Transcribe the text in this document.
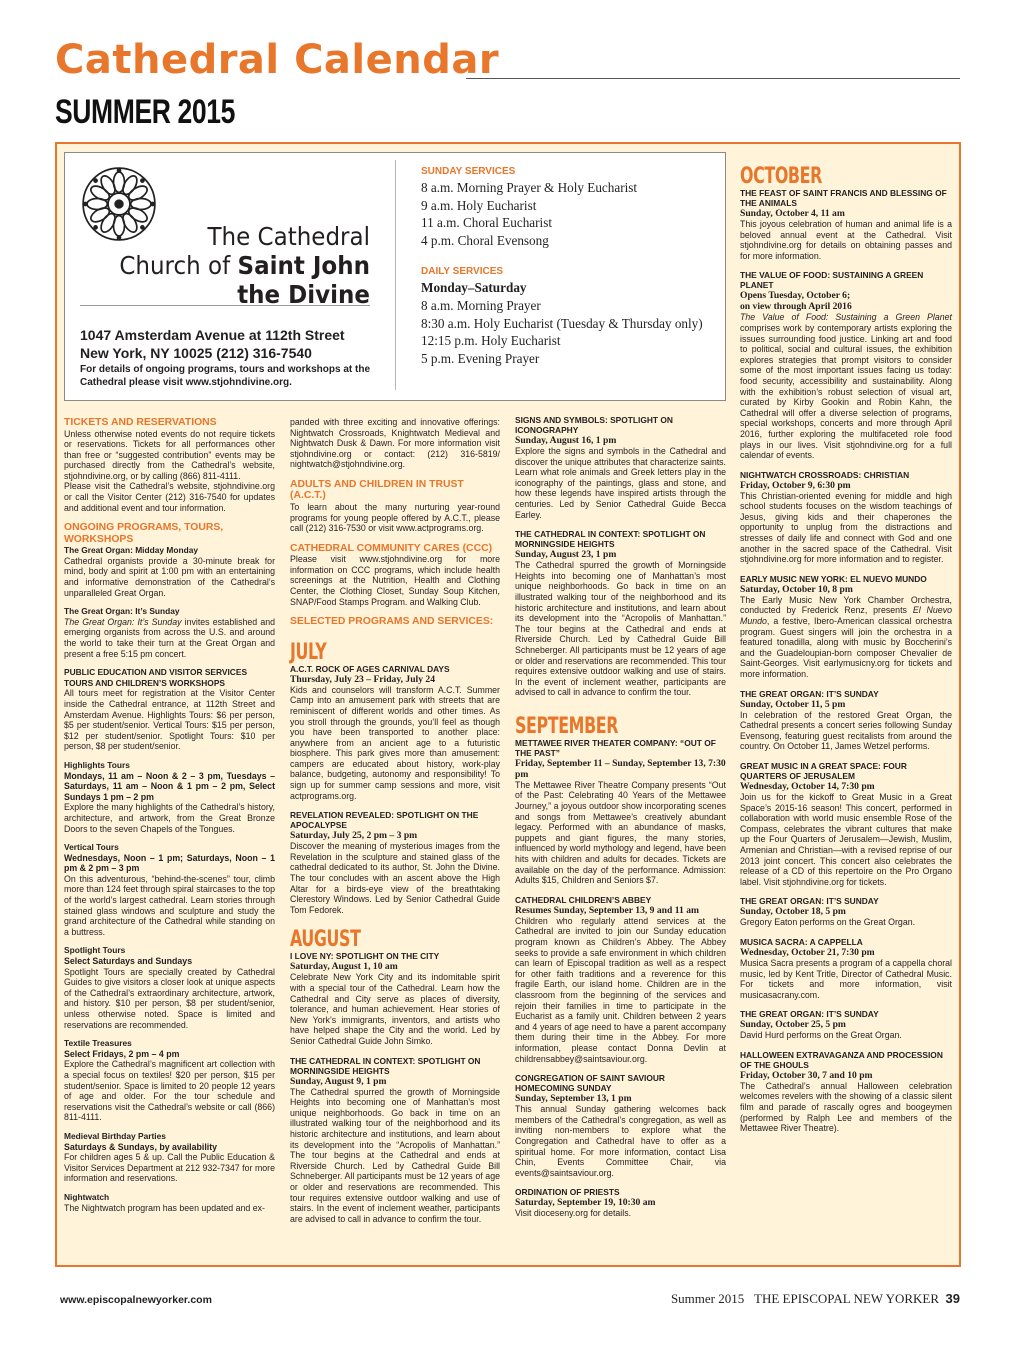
Cathedral Calendar
SUMMER 2015
The Cathedral
Church of Saint John
the Divine
1047 Amsterdam Avenue at 112th Street
New York, NY 10025 (212) 316-7540
For details of ongoing programs, tours and workshops at the Cathedral please visit www.stjohndivine.org.
SUNDAY SERVICES
8 a.m. Morning Prayer & Holy Eucharist
9 a.m. Holy Eucharist
11 a.m. Choral Eucharist
4 p.m. Choral Evensong
DAILY SERVICES
Monday–Saturday
8 a.m. Morning Prayer
8:30 a.m. Holy Eucharist (Tuesday & Thursday only)
12:15 p.m. Holy Eucharist
5 p.m. Evening Prayer
TICKETS AND RESERVATIONS
Unless otherwise noted events do not require tickets or reservations. Tickets for all performances other than free or “suggested contribution” events may be purchased directly from the Cathedral’s website, stjohndivine.org, or by calling (866) 811-4111.
Please visit the Cathedral’s website, stjohndivine.org or call the Visitor Center (212) 316-7540 for updates and additional event and tour information.
ONGOING PROGRAMS, TOURS, WORKSHOPS
The Great Organ: Midday Monday
Cathedral organists provide a 30-minute break for mind, body and spirit at 1:00 pm with an entertaining and informative demonstration of the Cathedral’s unparalleled Great Organ.
The Great Organ: It’s Sunday
The Great Organ: It’s Sunday invites established and emerging organists from across the U.S. and around the world to take their turn at the Great Organ and present a free 5:15 pm concert.
PUBLIC EDUCATION AND VISITOR SERVICES TOURS AND CHILDREN’S WORKSHOPS
All tours meet for registration at the Visitor Center inside the Cathedral entrance, at 112th Street and Amsterdam Avenue. Highlights Tours: $6 per person, $5 per student/senior. Vertical Tours: $15 per person, $12 per student/senior. Spotlight Tours: $10 per person, $8 per student/senior.
Highlights Tours
Mondays, 11 am – Noon & 2 – 3 pm, Tuesdays – Saturdays, 11 am – Noon & 1 pm – 2 pm, Select Sundays 1 pm – 2 pm
Explore the many highlights of the Cathedral’s history, architecture, and artwork, from the Great Bronze Doors to the seven Chapels of the Tongues.
Vertical Tours
Wednesdays, Noon – 1 pm; Saturdays, Noon – 1 pm & 2 pm – 3 pm
On this adventurous, “behind-the-scenes” tour, climb more than 124 feet through spiral staircases to the top of the world’s largest cathedral. Learn stories through stained glass windows and sculpture and study the grand architecture of the Cathedral while standing on a buttress.
Spotlight Tours
Select Saturdays and Sundays
Spotlight Tours are specially created by Cathedral Guides to give visitors a closer look at unique aspects of the Cathedral’s extraordinary architecture, artwork, and history. $10 per person, $8 per student/senior, unless otherwise noted. Space is limited and reservations are recommended.
Textile Treasures
Select Fridays, 2 pm – 4 pm
Explore the Cathedral’s magnificent art collection with a special focus on textiles! $20 per person, $15 per student/senior. Space is limited to 20 people 12 years of age and older. For the tour schedule and reservations visit the Cathedral’s website or call (866) 811-4111.
Medieval Birthday Parties
Saturdays & Sundays, by availability
For children ages 5 & up. Call the Public Education & Visitor Services Department at 212 932-7347 for more information and reservations.
Nightwatch
The Nightwatch program has been updated and ex-
panded with three exciting and innovative offerings: Nightwatch Crossroads, Knightwatch Medieval and Nightwatch Dusk & Dawn. For more information visit stjohndivine.org or contact: (212) 316-5819/ nightwatch@stjohndivine.org.
ADULTS AND CHILDREN IN TRUST (A.C.T.)
To learn about the many nurturing year-round programs for young people offered by A.C.T., please call (212) 316-7530 or visit www.actprograms.org.
CATHEDRAL COMMUNITY CARES (CCC)
Please visit www.stjohndivine.org for more information on CCC programs, which include health screenings at the Nutrition, Health and Clothing Center, the Clothing Closet, Sunday Soup Kitchen, SNAP/Food Stamps Program. and Walking Club.
SELECTED PROGRAMS AND SERVICES:
JULY
A.C.T. ROCK OF AGES CARNIVAL DAYS
Thursday, July 23 – Friday, July 24
Kids and counselors will transform A.C.T. Summer Camp into an amusement park with streets that are reminiscent of different worlds and other times. As you stroll through the grounds, you’ll feel as though you have been transported to another place: anywhere from an ancient age to a futuristic biosphere. This park gives more than amusement: campers are educated about history, work-play balance, budgeting, autonomy and responsibility! To sign up for summer camp sessions and more, visit actprograms.org.
REVELATION REVEALED: SPOTLIGHT ON THE APOCALYPSE
Saturday, July 25, 2 pm – 3 pm
Discover the meaning of mysterious images from the Revelation in the sculpture and stained glass of the cathedral dedicated to its author, St. John the Divine. The tour concludes with an ascent above the High Altar for a birds-eye view of the breathtaking Clerestory Windows. Led by Senior Cathedral Guide Tom Fedorek.
AUGUST
I LOVE NY: SPOTLIGHT ON THE CITY
Saturday, August 1, 10 am
Celebrate New York City and its indomitable spirit with a special tour of the Cathedral. Learn how the Cathedral and City serve as places of diversity, tolerance, and human achievement. Hear stories of New York’s immigrants, inventors, and artists who have helped shape the City and the world. Led by Senior Cathedral Guide John Simko.
THE CATHEDRAL IN CONTEXT: SPOTLIGHT ON MORNINGSIDE HEIGHTS
Sunday, August 9, 1 pm
The Cathedral spurred the growth of Morningside Heights into becoming one of Manhattan’s most unique neighborhoods. Go back in time on an illustrated walking tour of the neighborhood and its historic architecture and institutions, and learn about its development into the “Acropolis of Manhattan.” The tour begins at the Cathedral and ends at Riverside Church. Led by Cathedral Guide Bill Schneberger. All participants must be 12 years of age or older and reservations are recommended. This tour requires extensive outdoor walking and use of stairs. In the event of inclement weather, participants are advised to call in advance to confirm the tour.
SIGNS AND SYMBOLS: SPOTLIGHT ON ICONOGRAPHY
Sunday, August 16, 1 pm
Explore the signs and symbols in the Cathedral and discover the unique attributes that characterize saints. Learn what role animals and Greek letters play in the iconography of the paintings, glass and stone, and how these legends have inspired artists through the centuries. Led by Senior Cathedral Guide Becca Earley.
THE CATHEDRAL IN CONTEXT: SPOTLIGHT ON MORNINGSIDE HEIGHTS
Sunday, August 23, 1 pm
The Cathedral spurred the growth of Morningside Heights into becoming one of Manhattan’s most unique neighborhoods. Go back in time on an illustrated walking tour of the neighborhood and its historic architecture and institutions, and learn about its development into the “Acropolis of Manhattan.” The tour begins at the Cathedral and ends at Riverside Church. Led by Cathedral Guide Bill Schneberger. All participants must be 12 years of age or older and reservations are recommended. This tour requires extensive outdoor walking and use of stairs. In the event of inclement weather, participants are advised to call in advance to confirm the tour.
SEPTEMBER
METTAWEE RIVER THEATER COMPANY: “OUT OF THE PAST”
Friday, September 11 – Sunday, September 13, 7:30 pm
The Mettawee River Theatre Company presents “Out of the Past: Celebrating 40 Years of the Mettawee Journey,” a joyous outdoor show incorporating scenes and songs from Mettawee’s creatively abundant legacy. Performed with an abundance of masks, puppets and giant figures, the many stories, influenced by world mythology and legend, have been hits with children and adults for decades. Tickets are available on the day of the performance. Admission: Adults $15, Children and Seniors $7.
CATHEDRAL CHILDREN’S ABBEY
Resumes Sunday, September 13, 9 and 11 am
Children who regularly attend services at the Cathedral are invited to join our Sunday education program known as Children’s Abbey. The Abbey seeks to provide a safe environment in which children can learn of Episcopal tradition as well as a respect for other faith traditions and a reverence for this fragile Earth, our island home. Children are in the classroom from the beginning of the services and rejoin their families in time to participate in the Eucharist as a family unit. Children between 2 years and 4 years of age need to have a parent accompany them during their time in the Abbey. For more information, please contact Donna Devlin at childrensabbey@saintsaviour.org.
CONGREGATION OF SAINT SAVIOUR HOMECOMING SUNDAY
Sunday, September 13, 1 pm
This annual Sunday gathering welcomes back members of the Cathedral’s congregation, as well as inviting non-members to explore what the Congregation and Cathedral have to offer as a spiritual home. For more information, contact Lisa Chin, Events Committee Chair, via events@saintsaviour.org.
ORDINATION OF PRIESTS
Saturday, September 19, 10:30 am
Visit dioceseny.org for details.
OCTOBER
THE FEAST OF SAINT FRANCIS AND BLESSING OF THE ANIMALS
Sunday, October 4, 11 am
This joyous celebration of human and animal life is a beloved annual event at the Cathedral. Visit stjohndivine.org for details on obtaining passes and for more information.
THE VALUE OF FOOD: SUSTAINING A GREEN PLANET
Opens Tuesday, October 6;
on view through April 2016
The Value of Food: Sustaining a Green Planet comprises work by contemporary artists exploring the issues surrounding food justice. Linking art and food to political, social and cultural issues, the exhibition explores strategies that prompt visitors to consider some of the most important issues facing us today: food security, accessibility and sustainability. Along with the exhibition’s robust selection of visual art, curated by Kirby Gookin and Robin Kahn, the Cathedral will offer a diverse selection of programs, special workshops, concerts and more through April 2016, further exploring the multifaceted role food plays in our lives. Visit stjohndivine.org for a full calendar of events.
NIGHTWATCH CROSSROADS: CHRISTIAN
Friday, October 9, 6:30 pm
This Christian-oriented evening for middle and high school students focuses on the wisdom teachings of Jesus, giving kids and their chaperones the opportunity to unplug from the distractions and stresses of daily life and connect with God and one another in the sacred space of the Cathedral. Visit stjohndivine.org for more information and to register.
EARLY MUSIC NEW YORK: EL NUEVO MUNDO
Saturday, October 10, 8 pm
The Early Music New York Chamber Orchestra, conducted by Frederick Renz, presents El Nuevo Mundo, a festive, Ibero-American classical orchestra program. Guest singers will join the orchestra in a featured tonadilla, along with music by Boccherini’s and the Guadeloupian-born composer Chevalier de Saint-Georges. Visit earlymusicny.org for tickets and more information.
THE GREAT ORGAN: IT’S SUNDAY
Sunday, October 11, 5 pm
In celebration of the restored Great Organ, the Cathedral presents a concert series following Sunday Evensong, featuring guest recitalists from around the country. On October 11, James Wetzel performs.
GREAT MUSIC IN A GREAT SPACE: FOUR QUARTERS OF JERUSALEM
Wednesday, October 14, 7:30 pm
Join us for the kickoff to Great Music in a Great Space’s 2015-16 season! This concert, performed in collaboration with world music ensemble Rose of the Compass, celebrates the vibrant cultures that make up the Four Quarters of Jerusalem—Jewish, Muslim, Armenian and Christian—with a revised reprise of our 2013 joint concert. This concert also celebrates the release of a CD of this repertoire on the Pro Organo label. Visit stjohndivine.org for tickets.
THE GREAT ORGAN: IT’S SUNDAY
Sunday, October 18, 5 pm
Gregory Eaton performs on the Great Organ.
MUSICA SACRA: A CAPPELLA
Wednesday, October 21, 7:30 pm
Musica Sacra presents a program of a cappella choral music, led by Kent Tritle, Director of Cathedral Music. For tickets and more information, visit musicasacrany.com.
THE GREAT ORGAN: IT’S SUNDAY
Sunday, October 25, 5 pm
David Hurd performs on the Great Organ.
HALLOWEEN EXTRAVAGANZA AND PROCESSION OF THE GHOULS
Friday, October 30, 7 and 10 pm
The Cathedral’s annual Halloween celebration welcomes revelers with the showing of a classic silent film and parade of rascally ogres and boogeymen (performed by Ralph Lee and members of the Mettawee River Theatre).
www.episcopalnewyorker.com	Summer 2015 THE EPISCOPAL NEW YORKER 39
